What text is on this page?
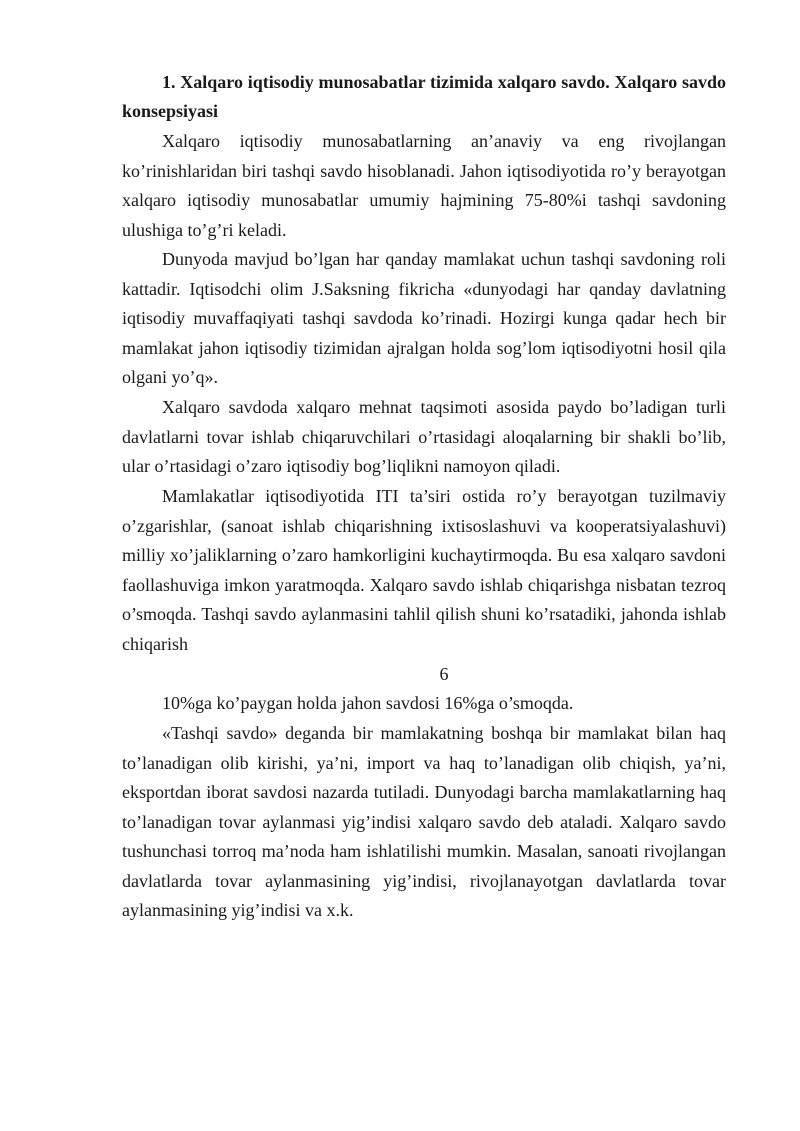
1. Xalqaro iqtisodiy munosabatlar tizimida xalqaro savdo. Xalqaro savdo konsepsiyasi

Xalqaro iqtisodiy munosabatlarning an’anaviy va eng rivojlangan ko’rinishlaridan biri tashqi savdo hisoblanadi. Jahon iqtisodiyotida ro’y berayotgan xalqaro iqtisodiy munosabatlar umumiy hajmining 75-80%i tashqi savdoning ulushiga to’g’ri keladi.

Dunyoda mavjud bo’lgan har qanday mamlakat uchun tashqi savdoning roli kattadir. Iqtisodchi olim J.Saksning fikricha «dunyodagi har qanday davlatning iqtisodiy muvaffaqiyati tashqi savdoda ko’rinadi. Hozirgi kunga qadar hech bir mamlakat jahon iqtisodiy tizimidan ajralgan holda sog’lom iqtisodiyotni hosil qila olgani yo’q».

Xalqaro savdoda xalqaro mehnat taqsimoti asosida paydo bo’ladigan turli davlatlarni tovar ishlab chiqaruvchilari o’rtasidagi aloqalarning bir shakli bo’lib, ular o’rtasidagi o’zaro iqtisodiy bog’liqlikni namoyon qiladi.

Mamlakatlar iqtisodiyotida ITI ta’siri ostida ro’y berayotgan tuzilmaviy o’zgarishlar, (sanoat ishlab chiqarishning ixtisoslashuvi va kooperatsiyalashuvi) milliy xo’jaliklarning o’zaro hamkorligini kuchaytirmoqda. Bu esa xalqaro savdoni faollashuviga imkon yaratmoqda. Xalqaro savdo ishlab chiqarishga nisbatan tezroq o’smoqda. Tashqi savdo aylanmasini tahlil qilish shuni ko’rsatadiki, jahonda ishlab chiqarish

6

10%ga ko’paygan holda jahon savdosi 16%ga o’smoqda.

«Tashqi savdo» deganda bir mamlakatning boshqa bir mamlakat bilan haq to’lanadigan olib kirishi, ya’ni, import va haq to’lanadigan olib chiqish, ya’ni, eksportdan iborat savdosi nazarda tutiladi. Dunyodagi barcha mamlakatlarning haq to’lanadigan tovar aylanmasi yig’indisi xalqaro savdo deb ataladi. Xalqaro savdo tushunchasi torroq ma’noda ham ishlatilishi mumkin. Masalan, sanoati rivojlangan davlatlarda tovar aylanmasining yig’indisi, rivojlanayotgan davlatlarda tovar aylanmasining yig’indisi va x.k.
